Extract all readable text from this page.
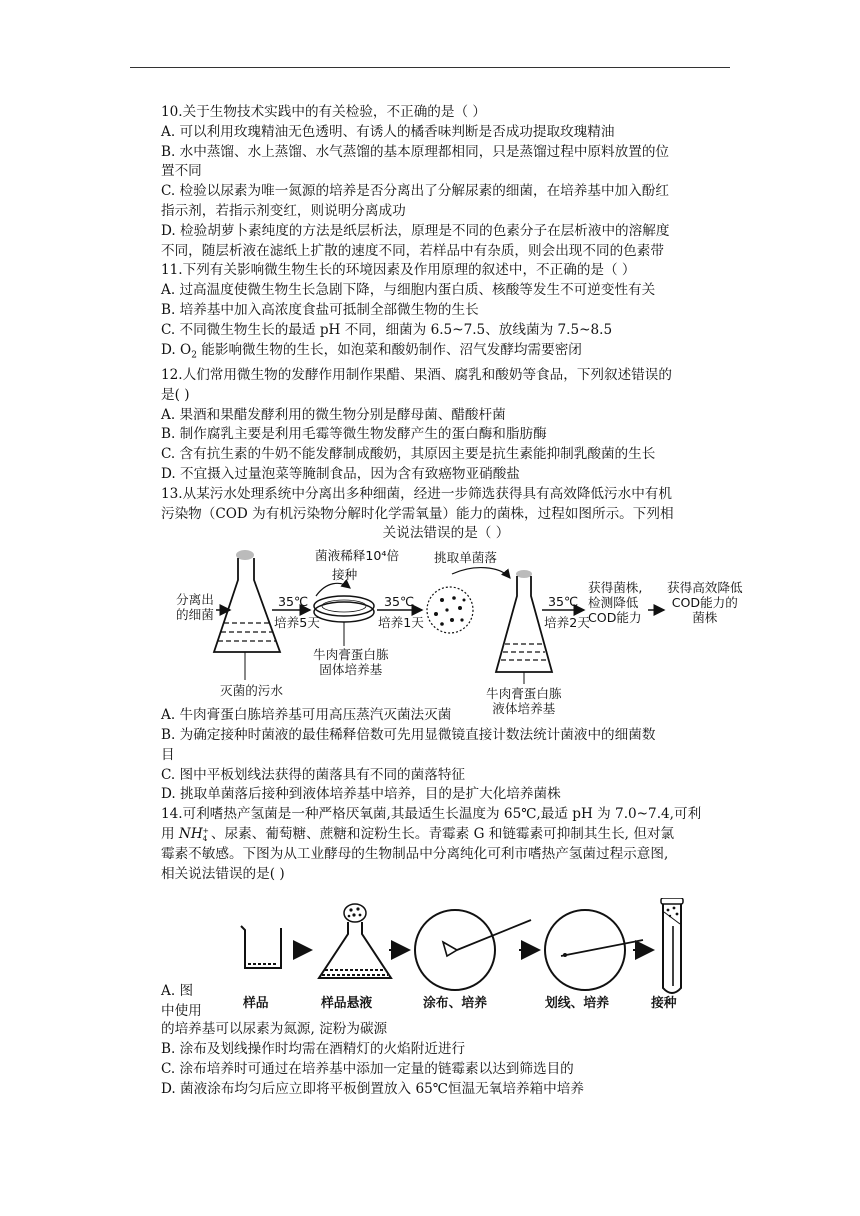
10.关于生物技术实践中的有关检验，不正确的是（ ）

A. 可以利用玫瑰精油无色透明、有诱人的橘香味判断是否成功提取玫瑰精油

B. 水中蒸馏、水上蒸馏、水气蒸馏的基本原理都相同，只是蒸馏过程中原料放置的位

置不同

C. 检验以尿素为唯一氮源的培养是否分离出了分解尿素的细菌，在培养基中加入酚红

指示剂，若指示剂变红，则说明分离成功

D. 检验胡萝卜素纯度的方法是纸层析法，原理是不同的色素分子在层析液中的溶解度

不同，随层析液在滤纸上扩散的速度不同，若样品中有杂质，则会出现不同的色素带

11.下列有关影响微生物生长的环境因素及作用原理的叙述中，不正确的是（ ）

A. 过高温度使微生物生长急剧下降，与细胞内蛋白质、核酸等发生不可逆变性有关

B. 培养基中加入高浓度食盐可抵制全部微生物的生长

C. 不同微生物生长的最适 pH 不同，细菌为 6.5~7.5、放线菌为 7.5~8.5

D. $O_2$ 能影响微生物的生长，如泡菜和酸奶制作、沼气发酵均需要密闭

12.人们常用微生物的发酵作用制作果醋、果酒、腐乳和酸奶等食品，下列叙述错误的

是( )

A. 果酒和果醋发酵利用的微生物分别是酵母菌、醋酸杆菌

B. 制作腐乳主要是利用毛霉等微生物发酵产生的蛋白酶和脂肪酶

C. 含有抗生素的牛奶不能发酵制成酸奶，其原因主要是抗生素能抑制乳酸菌的生长

D. 不宜摄入过量泡菜等腌制食品，因为含有致癌物亚硝酸盐

13.从某污水处理系统中分离出多种细菌，经进一步筛选获得具有高效降低污水中有机

污染物（COD 为有机污染物分解时化学需氧量）能力的菌株，过程如图所示。下列相

关说法错误的是（ ）

分离出
的细菌
35℃
培养5天
菌液稀释10⁴倍
接种
35℃
培养1天
挑取单菌落
35℃
培养2天
获得菌株,
检测降低
COD能力
获得高效降低
COD能力的
菌株
灭菌的污水
牛肉膏蛋白胨
固体培养基
牛肉膏蛋白胨
液体培养基

A. 牛肉膏蛋白胨培养基可用高压蒸汽灭菌法灭菌

B. 为确定接种时菌液的最佳稀释倍数可先用显微镜直接计数法统计菌液中的细菌数

目

C. 图中平板划线法获得的菌落具有不同的菌落特征

D. 挑取单菌落后接种到液体培养基中培养，目的是扩大化培养菌株

14.可利嗜热产氢菌是一种严格厌氧菌,其最适生长温度为 65℃,最适 pH 为 7.0~7.4,可利

用 NH +
4 、尿素、葡萄糖、蔗糖和淀粉生长。青霉素 G 和链霉素可抑制其生长, 但对氯

霉素不敏感。下图为从工业酵母的生物制品中分离纯化可利市嗜热产氢菌过程示意图,

相关说法错误的是( )

样品	样品悬液	涂布、培养	划线、培养	接种

A. 图

中使用

的培养基可以尿素为氮源, 淀粉为碳源

B. 涂布及划线操作时均需在酒精灯的火焰附近进行

C. 涂布培养时可通过在培养基中添加一定量的链霉素以达到筛选目的

D. 菌液涂布均匀后应立即将平板倒置放入 65℃恒温无氧培养箱中培养
